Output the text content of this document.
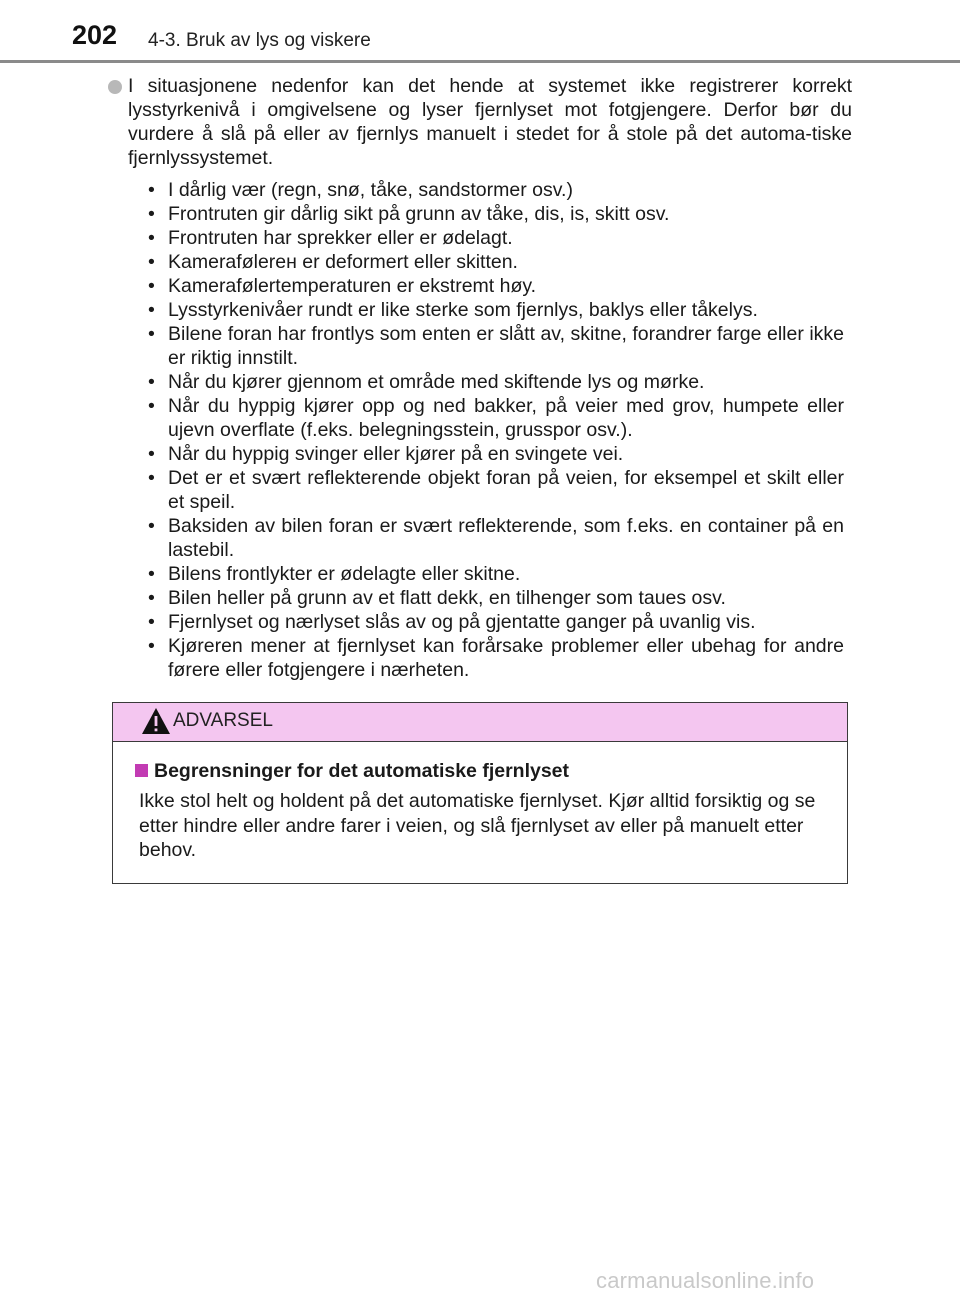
202 4-3. Bruk av lys og viskere

I situasjonene nedenfor kan det hende at systemet ikke registrerer korrekt lysstyrkenivå i omgivelsene og lyser fjernlyset mot fotgjengere. Derfor bør du vurdere å slå på eller av fjernlys manuelt i stedet for å stole på det automa-tiske fjernlyssystemet.

• I dårlig vær (regn, snø, tåke, sandstormer osv.)
• Frontruten gir dårlig sikt på grunn av tåke, dis, is, skitt osv.
• Frontruten har sprekker eller er ødelagt.
• Kamerafølerен er deformert eller skitten.
• Kamerafølertemperaturen er ekstremt høy.
• Lysstyrkenivåer rundt er like sterke som fjernlys, baklys eller tåkelys.
• Bilene foran har frontlys som enten er slått av, skitne, forandrer farge eller ikke er riktig innstilt.
• Når du kjører gjennom et område med skiftende lys og mørke.
• Når du hyppig kjører opp og ned bakker, på veier med grov, humpete eller ujevn overflate (f.eks. belegningsstein, grusspor osv.).
• Når du hyppig svinger eller kjører på en svingete vei.
• Det er et svært reflekterende objekt foran på veien, for eksempel et skilt eller et speil.
• Baksiden av bilen foran er svært reflekterende, som f.eks. en container på en lastebil.
• Bilens frontlykter er ødelagte eller skitne.
• Bilen heller på grunn av et flatt dekk, en tilhenger som taues osv.
• Fjernlyset og nærlyset slås av og på gjentatte ganger på uvanlig vis.
• Kjøreren mener at fjernlyset kan forårsake problemer eller ubehag for andre førere eller fotgjengere i nærheten.
ADVARSEL
Begrensninger for det automatiske fjernlyset

Ikke stol helt og holdent på det automatiske fjernlyset. Kjør alltid forsiktig og se etter hindre eller andre farer i veien, og slå fjernlyset av eller på manuelt etter behov.

carmanualsonline.info
